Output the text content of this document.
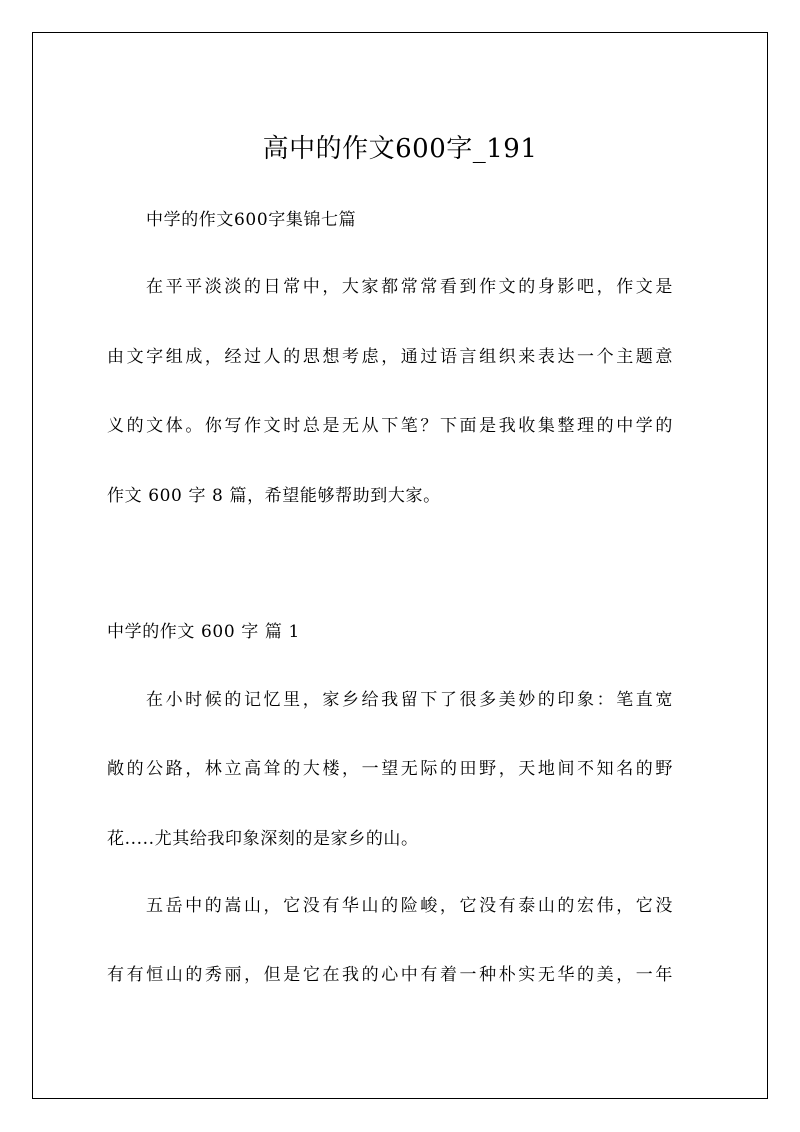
高中的作文600字_191
中学的作文600字集锦七篇
在平平淡淡的日常中，大家都常常看到作文的身影吧，作文是
由文字组成，经过人的思想考虑，通过语言组织来表达一个主题意
义的文体。你写作文时总是无从下笔？下面是我收集整理的中学的
作文 600 字 8 篇，希望能够帮助到大家。
中学的作文 600 字 篇 1
在小时候的记忆里，家乡给我留下了很多美妙的印象：笔直宽
敞的公路，林立高耸的大楼，一望无际的田野，天地间不知名的野
花.....尤其给我印象深刻的是家乡的山。
五岳中的嵩山，它没有华山的险峻，它没有泰山的宏伟，它没
有有恒山的秀丽，但是它在我的心中有着一种朴实无华的美，一年
